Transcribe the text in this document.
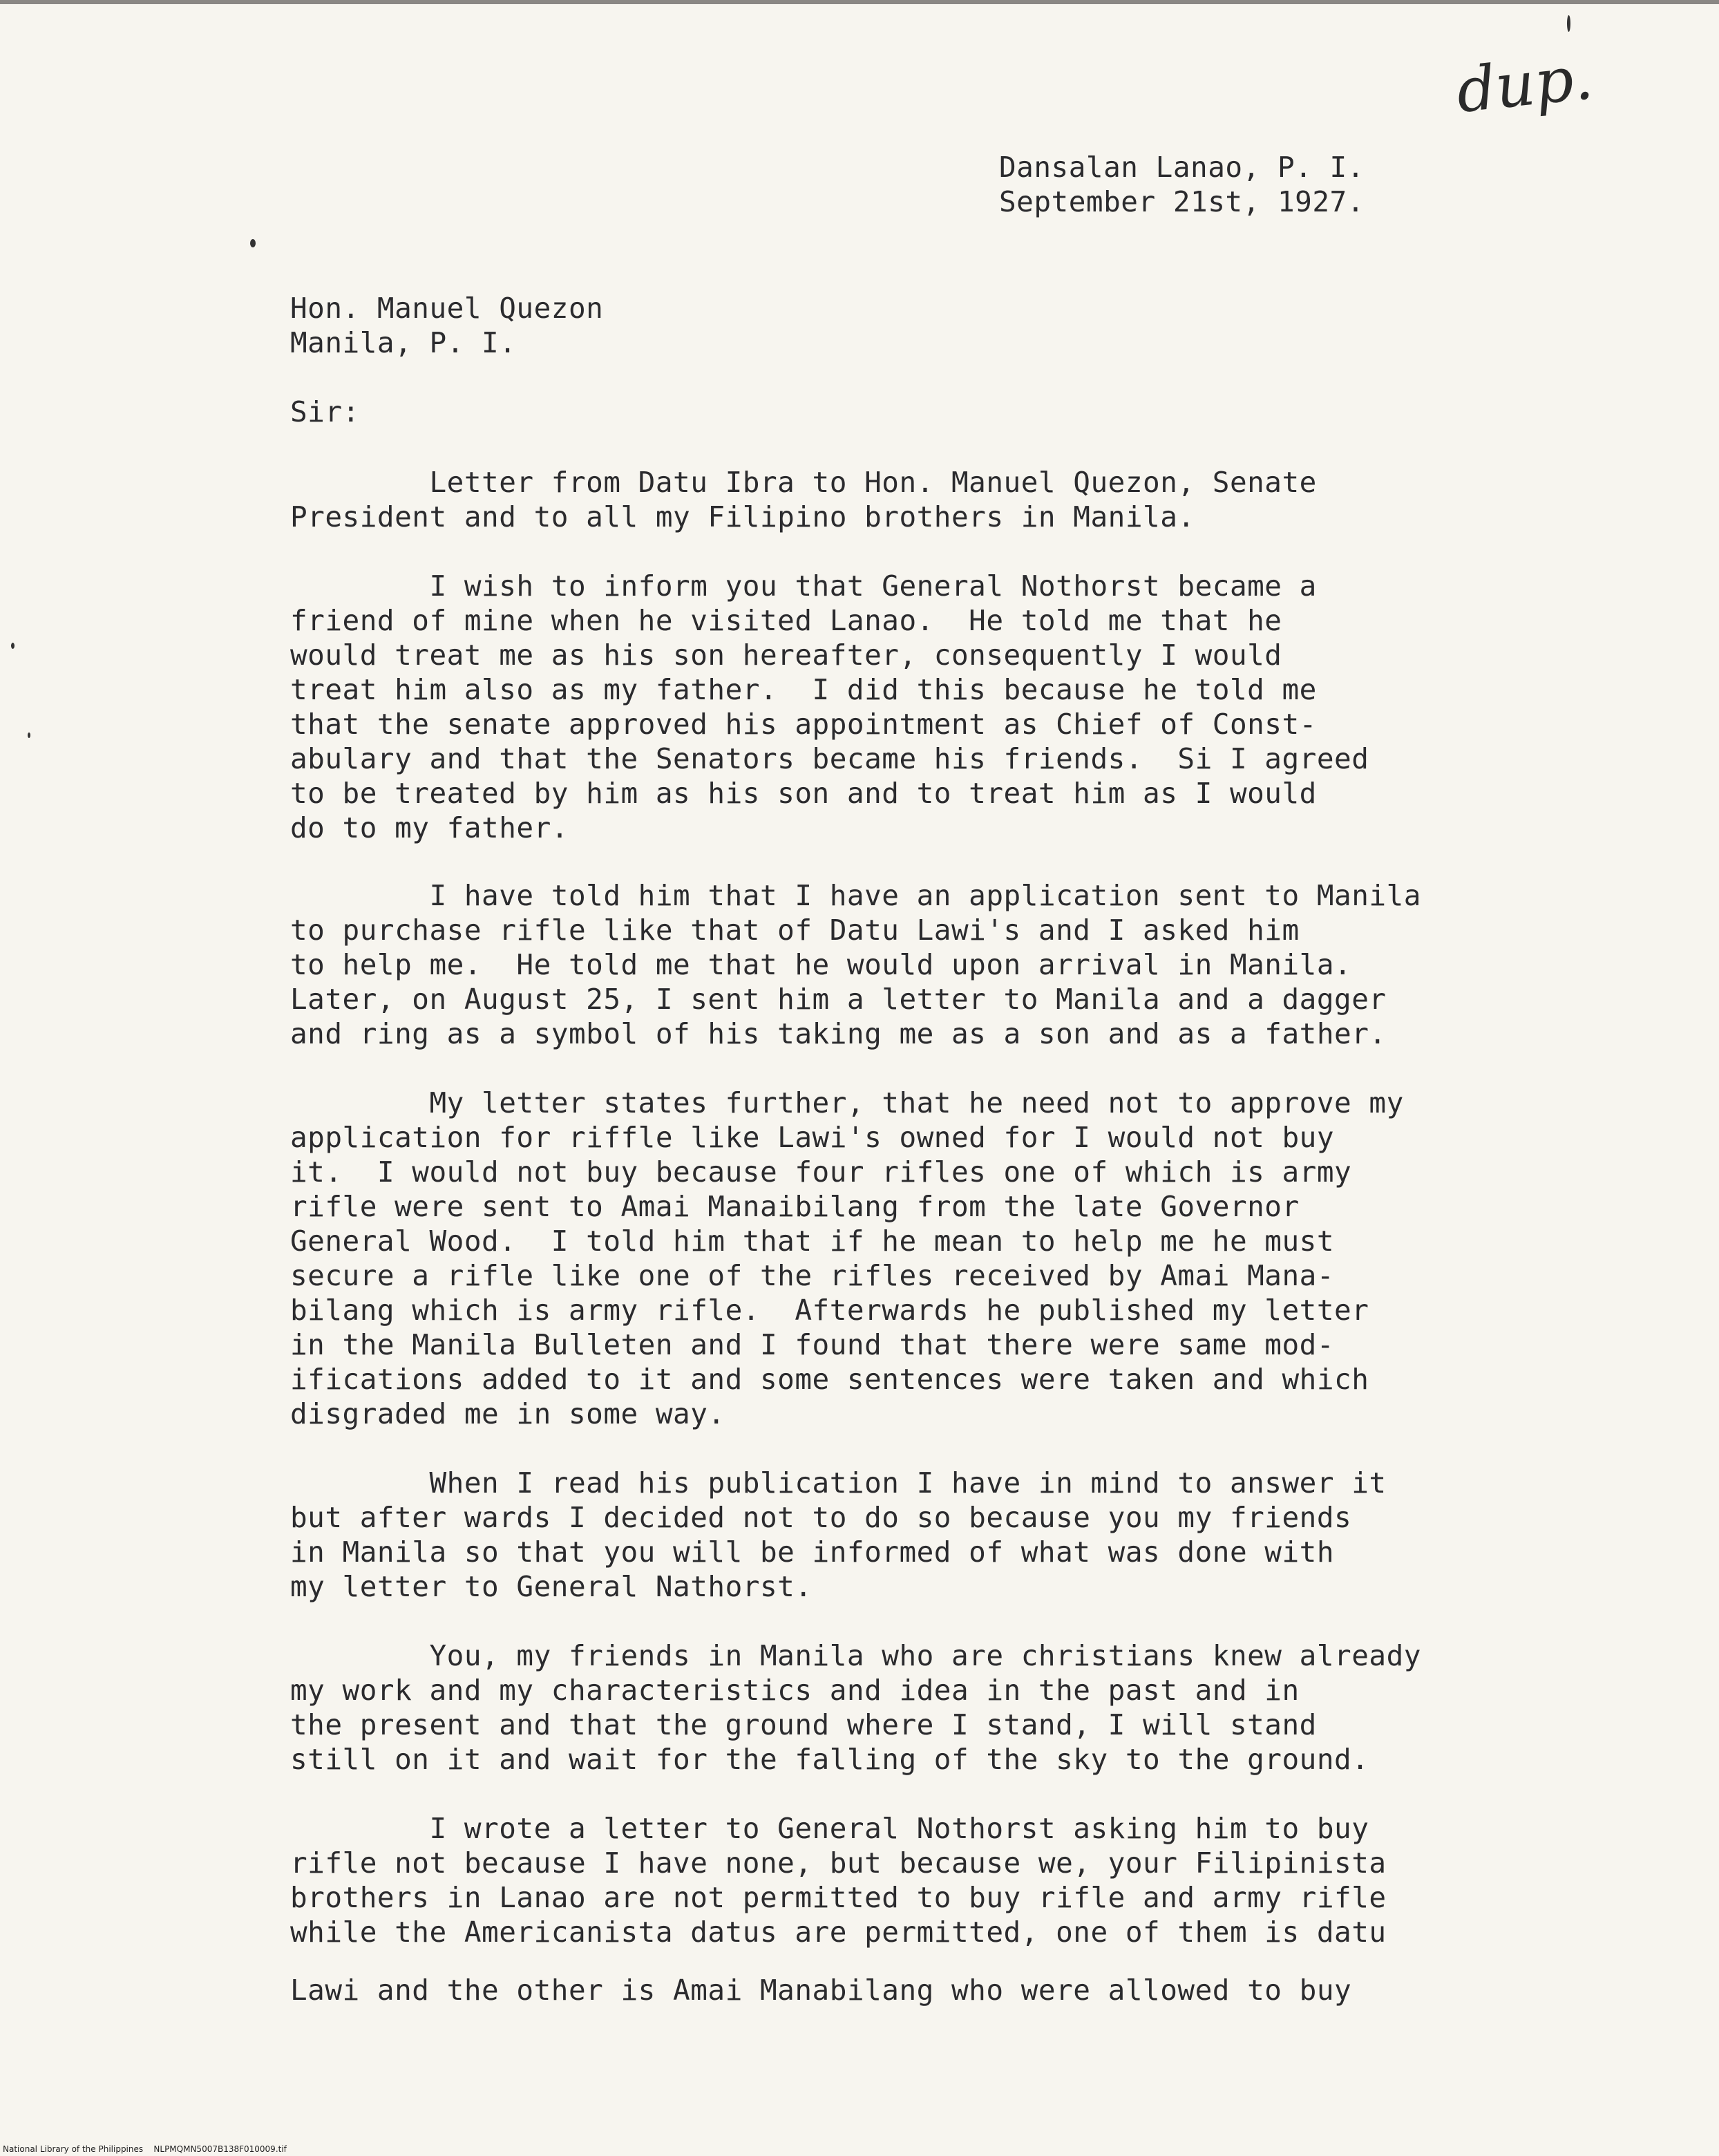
dup.

Dansalan Lanao, P. I.

September 21st, 1927.

Hon. Manuel Quezon

Manila, P. I.

Sir:

Letter from Datu Ibra to Hon. Manuel Quezon, Senate

President and to all my Filipino brothers in Manila.

I wish to inform you that General Nothorst became a

friend of mine when he visited Lanao.  He told me that he

would treat me as his son hereafter, consequently I would

treat him also as my father.  I did this because he told me

that the senate approved his appointment as Chief of Const-

abulary and that the Senators became his friends.  Si I agreed

to be treated by him as his son and to treat him as I would

do to my father.

I have told him that I have an application sent to Manila

to purchase rifle like that of Datu Lawi's and I asked him

to help me.  He told me that he would upon arrival in Manila.

Later, on August 25, I sent him a letter to Manila and a dagger

and ring as a symbol of his taking me as a son and as a father.

My letter states further, that he need not to approve my

application for riffle like Lawi's owned for I would not buy

it.  I would not buy because four rifles one of which is army

rifle were sent to Amai Manaibilang from the late Governor

General Wood.  I told him that if he mean to help me he must

secure a rifle like one of the rifles received by Amai Mana-

bilang which is army rifle.  Afterwards he published my letter

in the Manila Bulleten and I found that there were same mod-

ifications added to it and some sentences were taken and which

disgraded me in some way.

When I read his publication I have in mind to answer it

but after wards I decided not to do so because you my friends

in Manila so that you will be informed of what was done with

my letter to General Nathorst.

You, my friends in Manila who are christians knew already

my work and my characteristics and idea in the past and in

the present and that the ground where I stand, I will stand

still on it and wait for the falling of the sky to the ground.

I wrote a letter to General Nothorst asking him to buy

rifle not because I have none, but because we, your Filipinista

brothers in Lanao are not permitted to buy rifle and army rifle

while the Americanista datus are permitted, one of them is datu

Lawi and the other is Amai Manabilang who were allowed to buy

National Library of the Philippines NLPMQMN5007B138F010009.tif
